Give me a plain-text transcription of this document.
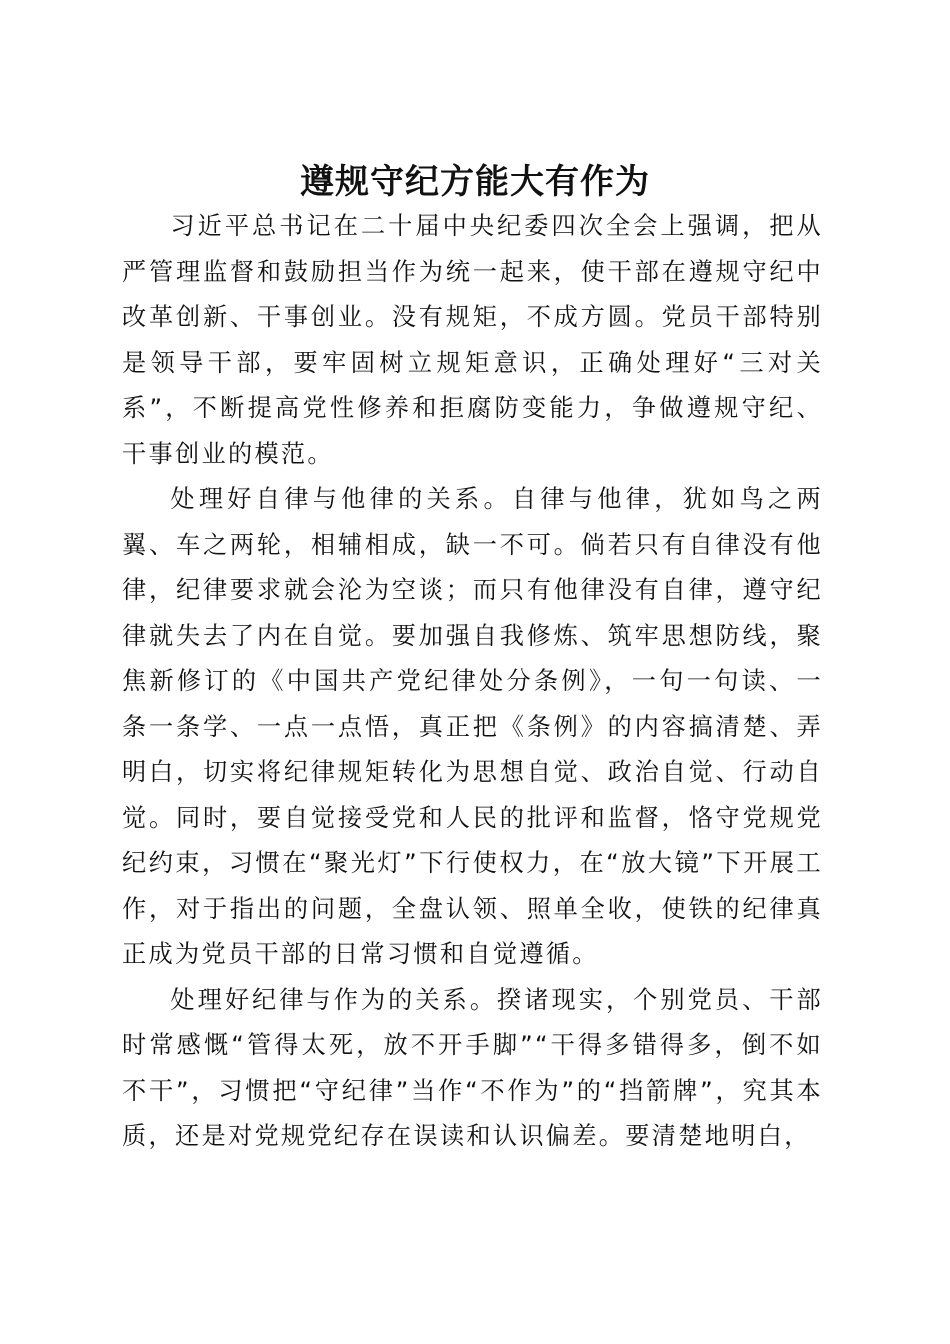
遵规守纪方能大有作为

习近平总书记在二十届中央纪委四次全会上强调，把从严管理监督和鼓励担当作为统一起来，使干部在遵规守纪中改革创新、干事创业。没有规矩，不成方圆。党员干部特别是领导干部，要牢固树立规矩意识，正确处理好“三对关系”，不断提高党性修养和拒腐防变能力，争做遵规守纪、干事创业的模范。

处理好自律与他律的关系。自律与他律，犹如鸟之两翼、车之两轮，相辅相成，缺一不可。倘若只有自律没有他律，纪律要求就会沦为空谈；而只有他律没有自律，遵守纪律就失去了内在自觉。要加强自我修炼、筑牢思想防线，聚焦新修订的《中国共产党纪律处分条例》，一句一句读、一条一条学、一点一点悟，真正把《条例》的内容搞清楚、弄明白，切实将纪律规矩转化为思想自觉、政治自觉、行动自觉。同时，要自觉接受党和人民的批评和监督，恪守党规党纪约束，习惯在“聚光灯”下行使权力，在“放大镜”下开展工作，对于指出的问题，全盘认领、照单全收，使铁的纪律真正成为党员干部的日常习惯和自觉遵循。

处理好纪律与作为的关系。揆诸现实，个别党员、干部时常感慨“管得太死，放不开手脚”“干得多错得多，倒不如不干”，习惯把“守纪律”当作“不作为”的“挡箭牌”，究其本质，还是对党规党纪存在误读和认识偏差。要清楚地明白，
